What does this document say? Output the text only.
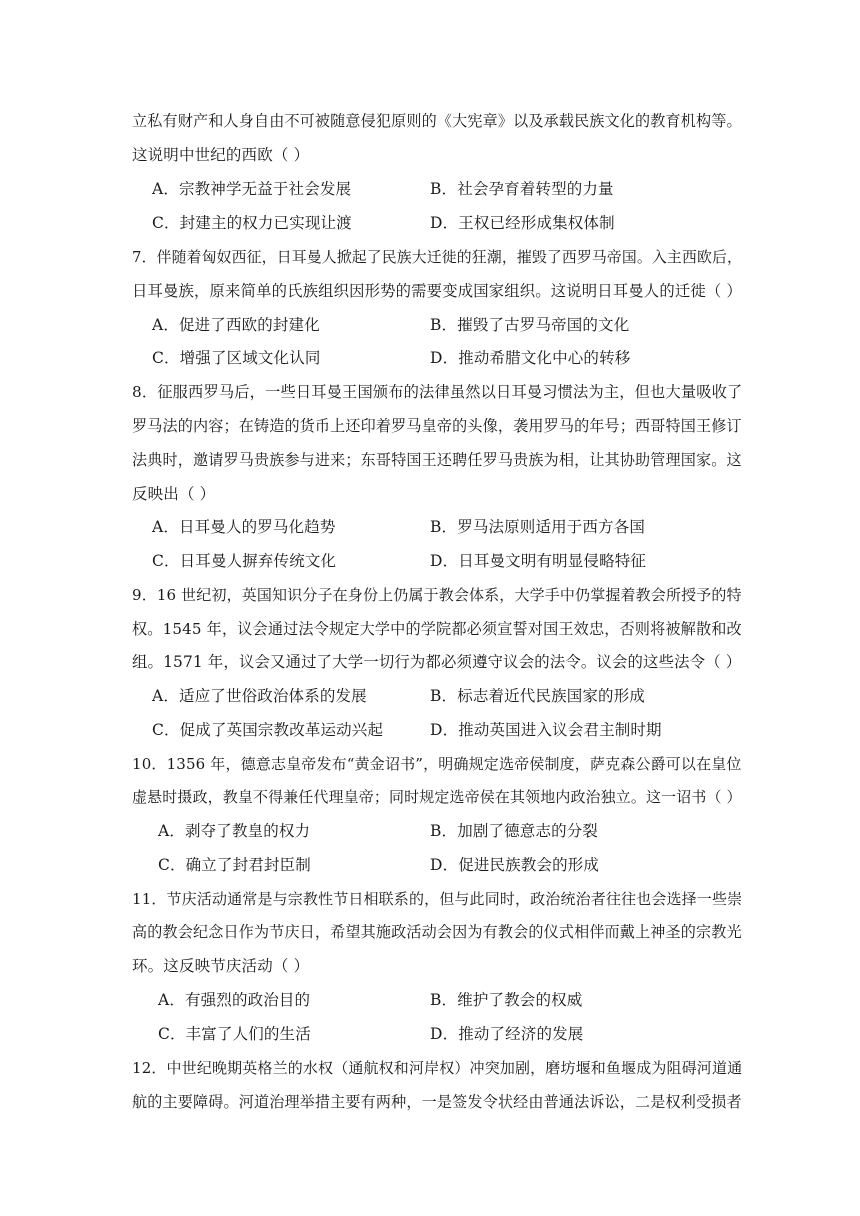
立私有财产和人身自由不可被随意侵犯原则的《大宪章》以及承载民族文化的教育机构等。
这说明中世纪的西欧（ ）
A．宗教神学无益于社会发展	B．社会孕育着转型的力量
C．封建主的权力已实现让渡	D．王权已经形成集权体制
7．伴随着匈奴西征，日耳曼人掀起了民族大迁徙的狂潮，摧毁了西罗马帝国。入主西欧后，
日耳曼族，原来简单的氏族组织因形势的需要变成国家组织。这说明日耳曼人的迁徙（ ）
A．促进了西欧的封建化	B．摧毁了古罗马帝国的文化
C．增强了区域文化认同	D．推动希腊文化中心的转移
8．征服西罗马后，一些日耳曼王国颁布的法律虽然以日耳曼习惯法为主，但也大量吸收了
罗马法的内容；在铸造的货币上还印着罗马皇帝的头像，袭用罗马的年号；西哥特国王修订
法典时，邀请罗马贵族参与进来；东哥特国王还聘任罗马贵族为相，让其协助管理国家。这
反映出（ ）
A．日耳曼人的罗马化趋势	B．罗马法原则适用于西方各国
C．日耳曼人摒弃传统文化	D．日耳曼文明有明显侵略特征
9．16 世纪初，英国知识分子在身份上仍属于教会体系，大学手中仍掌握着教会所授予的特
权。1545 年，议会通过法令规定大学中的学院都必须宣誓对国王效忠，否则将被解散和改
组。1571 年，议会又通过了大学一切行为都必须遵守议会的法令。议会的这些法令（ ）
A．适应了世俗政治体系的发展	B．标志着近代民族国家的形成
C．促成了英国宗教改革运动兴起	D．推动英国进入议会君主制时期
10．1356 年，德意志皇帝发布“黄金诏书”，明确规定选帝侯制度，萨克森公爵可以在皇位
虚悬时摄政，教皇不得兼任代理皇帝；同时规定选帝侯在其领地内政治独立。这一诏书（ ）
A．剥夺了教皇的权力	B．加剧了德意志的分裂
C．确立了封君封臣制	D．促进民族教会的形成
11．节庆活动通常是与宗教性节日相联系的，但与此同时，政治统治者往往也会选择一些崇
高的教会纪念日作为节庆日，希望其施政活动会因为有教会的仪式相伴而戴上神圣的宗教光
环。这反映节庆活动（ ）
A．有强烈的政治目的	B．维护了教会的权威
C．丰富了人们的生活	D．推动了经济的发展
12．中世纪晚期英格兰的水权（通航权和河岸权）冲突加剧，磨坊堰和鱼堰成为阻碍河道通
航的主要障碍。河道治理举措主要有两种，一是签发令状经由普通法诉讼，二是权利受损者
